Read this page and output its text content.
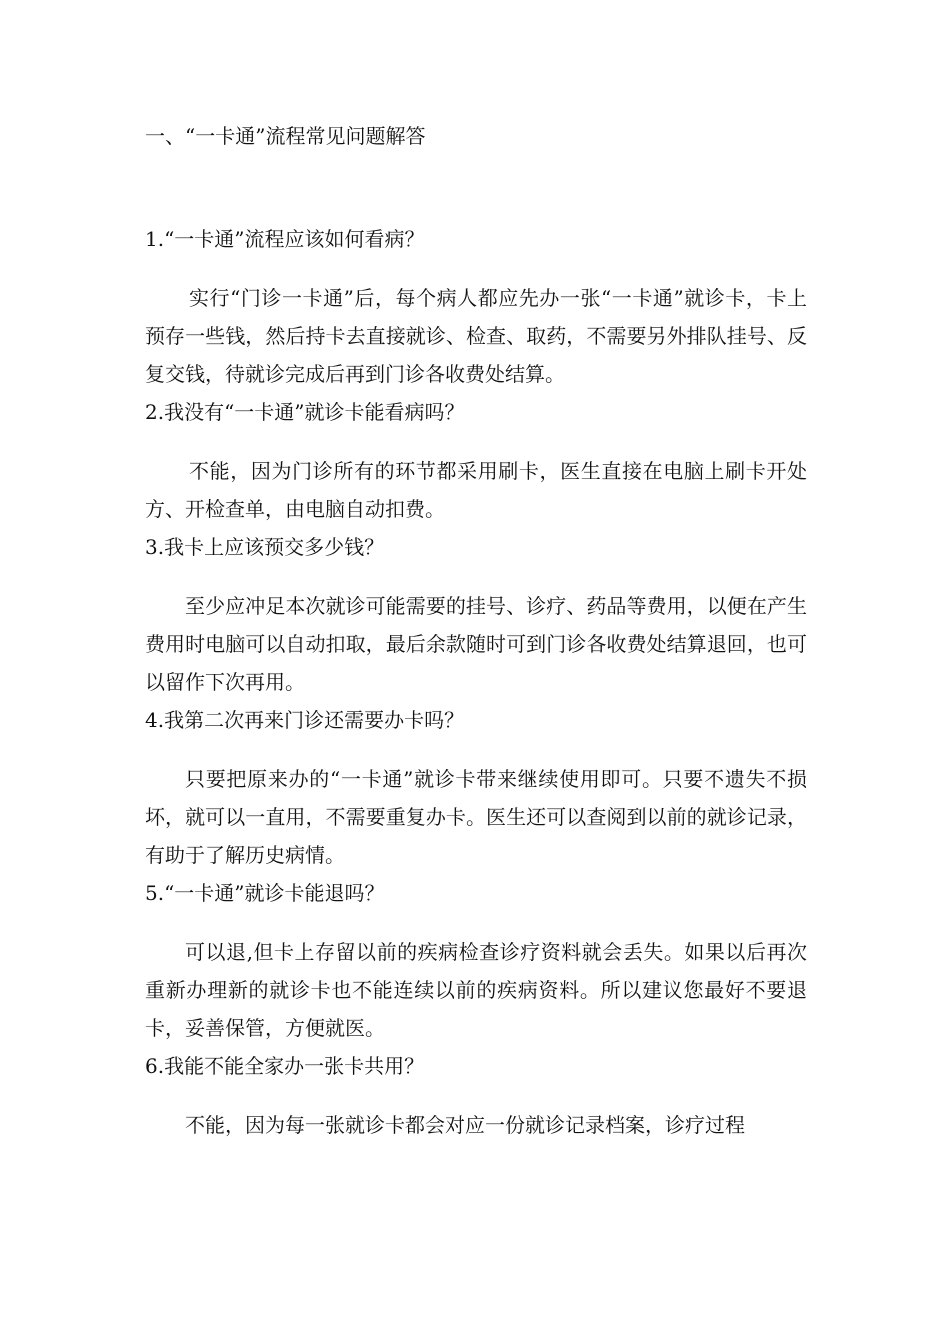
一、“一卡通”流程常见问题解答

1.“一卡通”流程应该如何看病？

实行“门诊一卡通”后，每个病人都应先办一张“一卡通”就诊卡，卡上预存一些钱，然后持卡去直接就诊、检查、取药，不需要另外排队挂号、反复交钱，待就诊完成后再到门诊各收费处结算。

2.我没有“一卡通”就诊卡能看病吗？

不能，因为门诊所有的环节都采用刷卡，医生直接在电脑上刷卡开处方、开检查单，由电脑自动扣费。

3.我卡上应该预交多少钱？

至少应冲足本次就诊可能需要的挂号、诊疗、药品等费用，以便在产生费用时电脑可以自动扣取，最后余款随时可到门诊各收费处结算退回，也可以留作下次再用。

4.我第二次再来门诊还需要办卡吗？

只要把原来办的“一卡通”就诊卡带来继续使用即可。只要不遗失不损坏，就可以一直用，不需要重复办卡。医生还可以查阅到以前的就诊记录，有助于了解历史病情。

5.“一卡通”就诊卡能退吗？

可以退,但卡上存留以前的疾病检查诊疗资料就会丢失。如果以后再次重新办理新的就诊卡也不能连续以前的疾病资料。所以建议您最好不要退卡，妥善保管，方便就医。

6.我能不能全家办一张卡共用？

不能，因为每一张就诊卡都会对应一份就诊记录档案，诊疗过程
